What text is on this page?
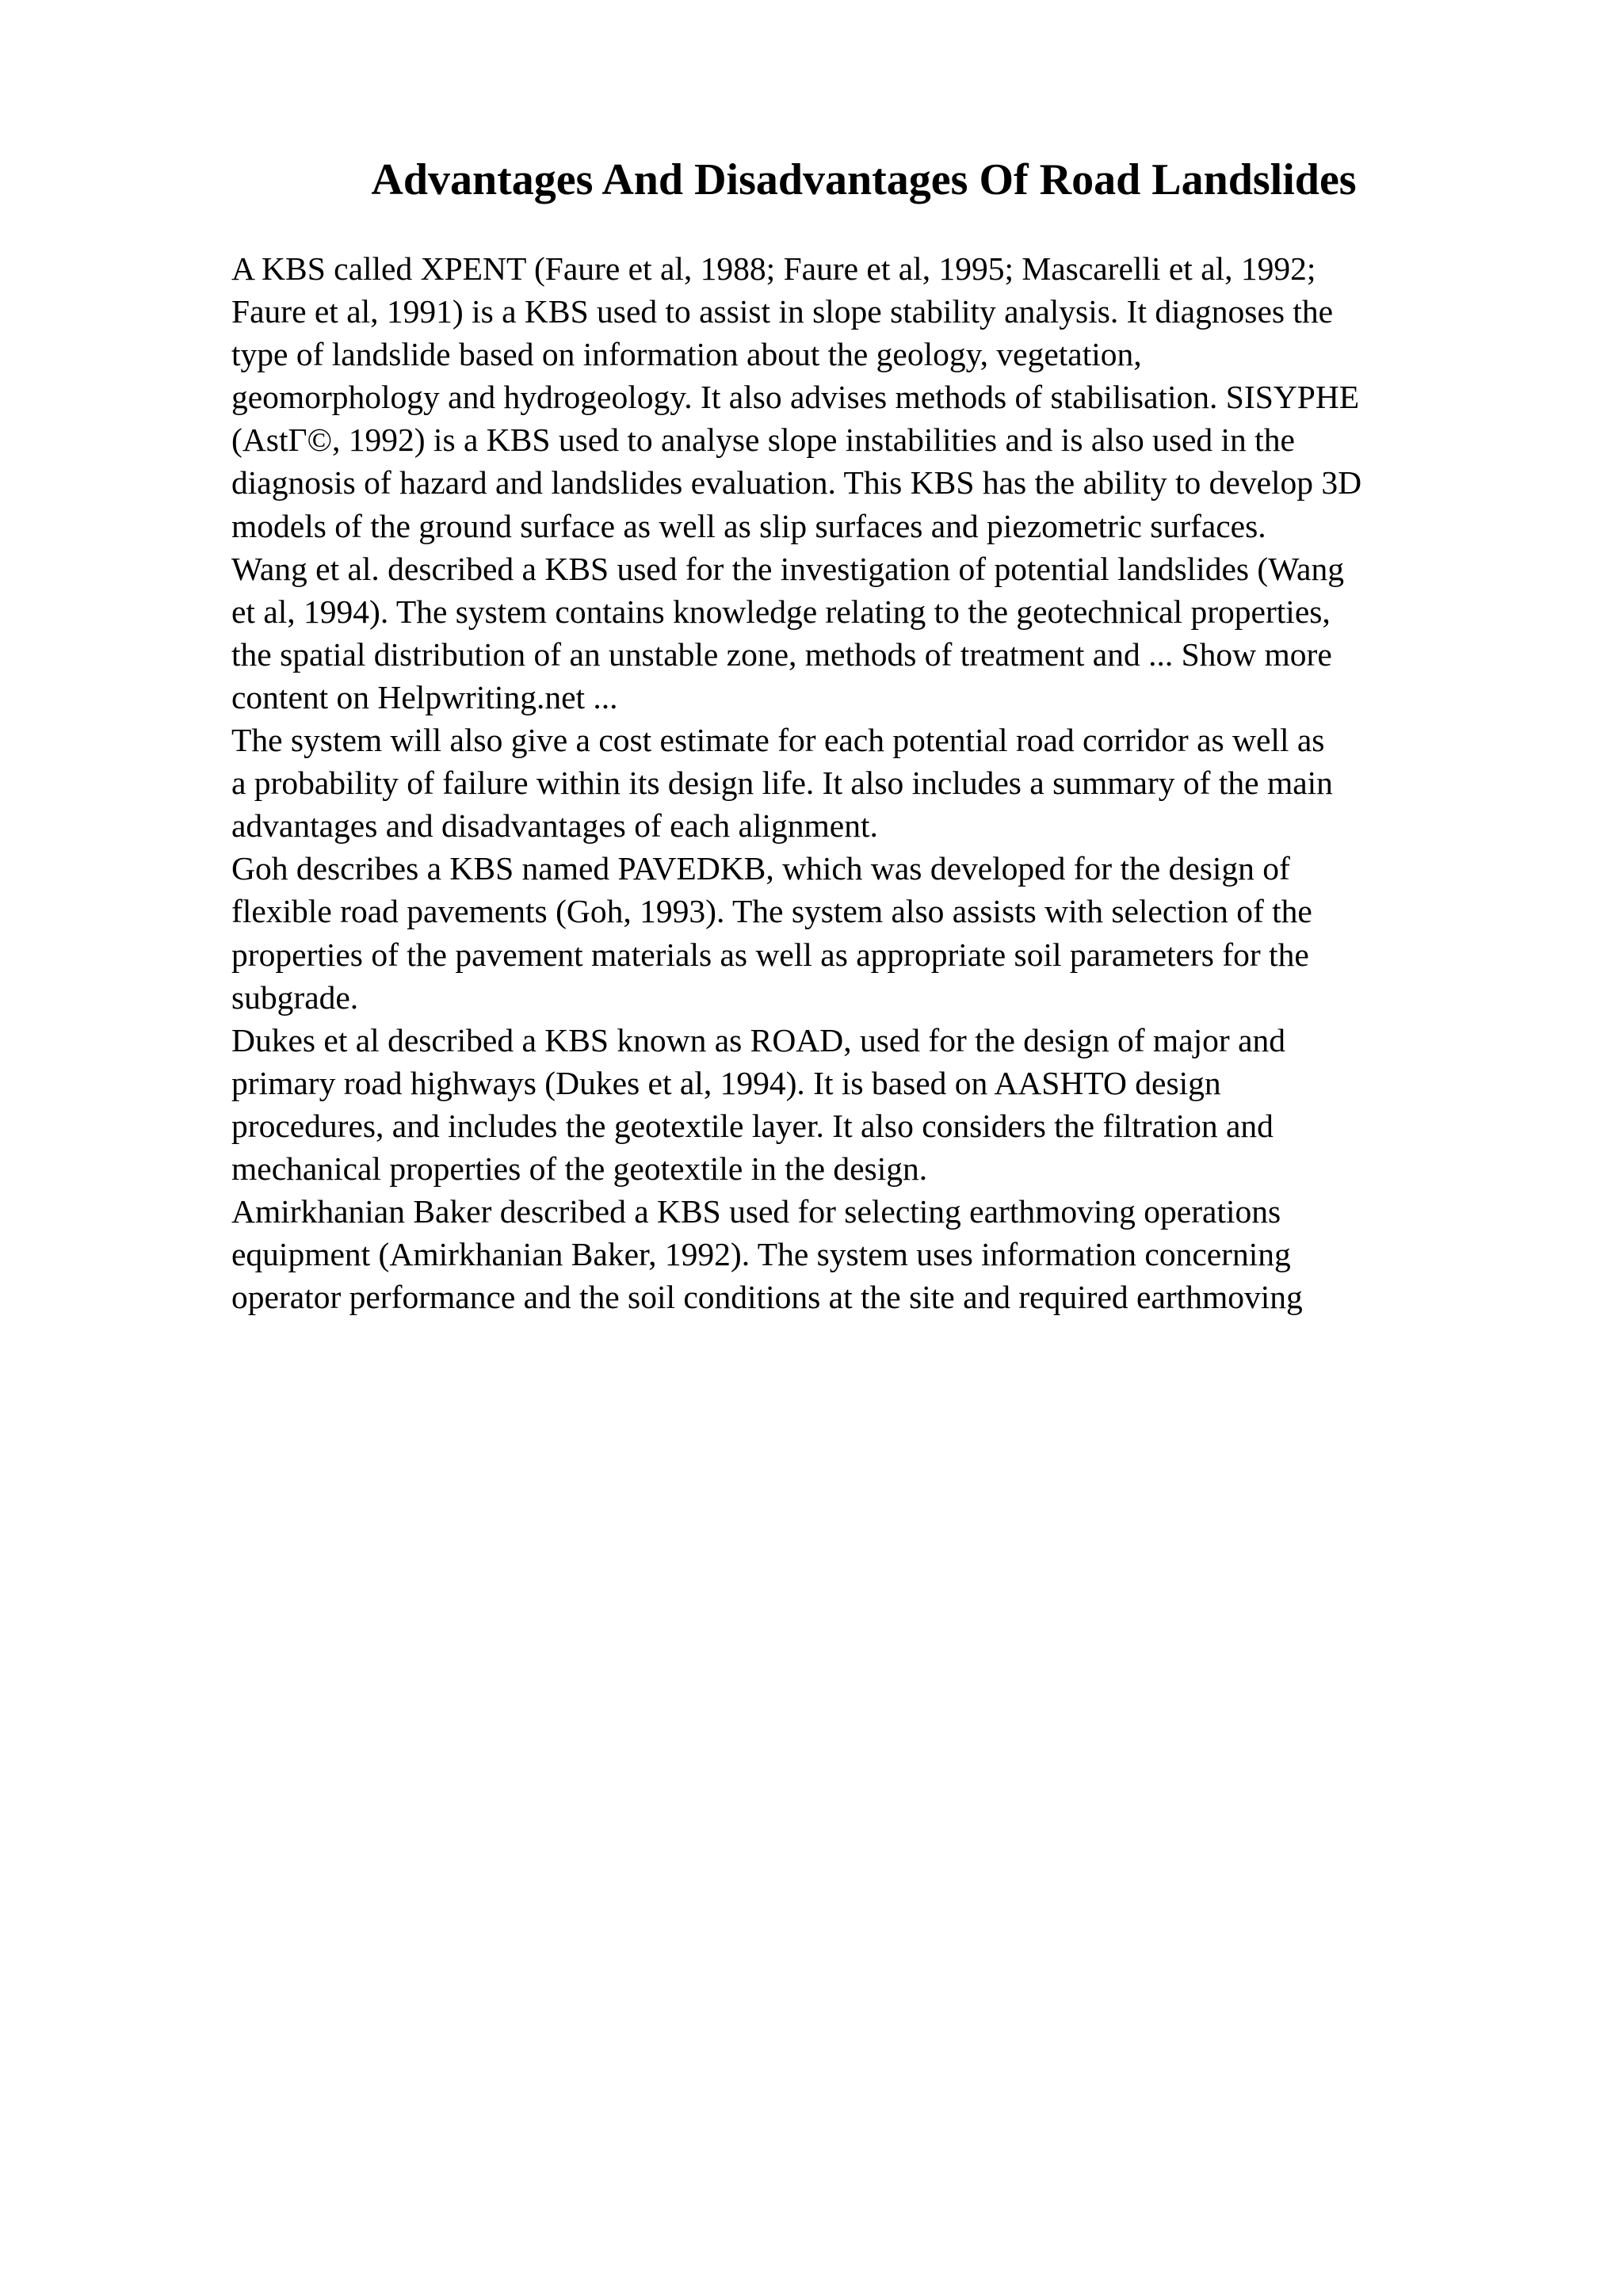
Advantages And Disadvantages Of Road Landslides
A KBS called XPENT (Faure et al, 1988; Faure et al, 1995; Mascarelli et al, 1992;
Faure et al, 1991) is a KBS used to assist in slope stability analysis. It diagnoses the
type of landslide based on information about the geology, vegetation,
geomorphology and hydrogeology. It also advises methods of stabilisation. SISYPHE
(AstΓ©, 1992) is a KBS used to analyse slope instabilities and is also used in the
diagnosis of hazard and landslides evaluation. This KBS has the ability to develop 3D
models of the ground surface as well as slip surfaces and piezometric surfaces.
Wang et al. described a KBS used for the investigation of potential landslides (Wang
et al, 1994). The system contains knowledge relating to the geotechnical properties,
the spatial distribution of an unstable zone, methods of treatment and ... Show more
content on Helpwriting.net ...
The system will also give a cost estimate for each potential road corridor as well as
a probability of failure within its design life. It also includes a summary of the main
advantages and disadvantages of each alignment.
Goh describes a KBS named PAVEDKB, which was developed for the design of
flexible road pavements (Goh, 1993). The system also assists with selection of the
properties of the pavement materials as well as appropriate soil parameters for the
subgrade.
Dukes et al described a KBS known as ROAD, used for the design of major and
primary road highways (Dukes et al, 1994). It is based on AASHTO design
procedures, and includes the geotextile layer. It also considers the filtration and
mechanical properties of the geotextile in the design.
Amirkhanian Baker described a KBS used for selecting earthmoving operations
equipment (Amirkhanian Baker, 1992). The system uses information concerning
operator performance and the soil conditions at the site and required earthmoving
